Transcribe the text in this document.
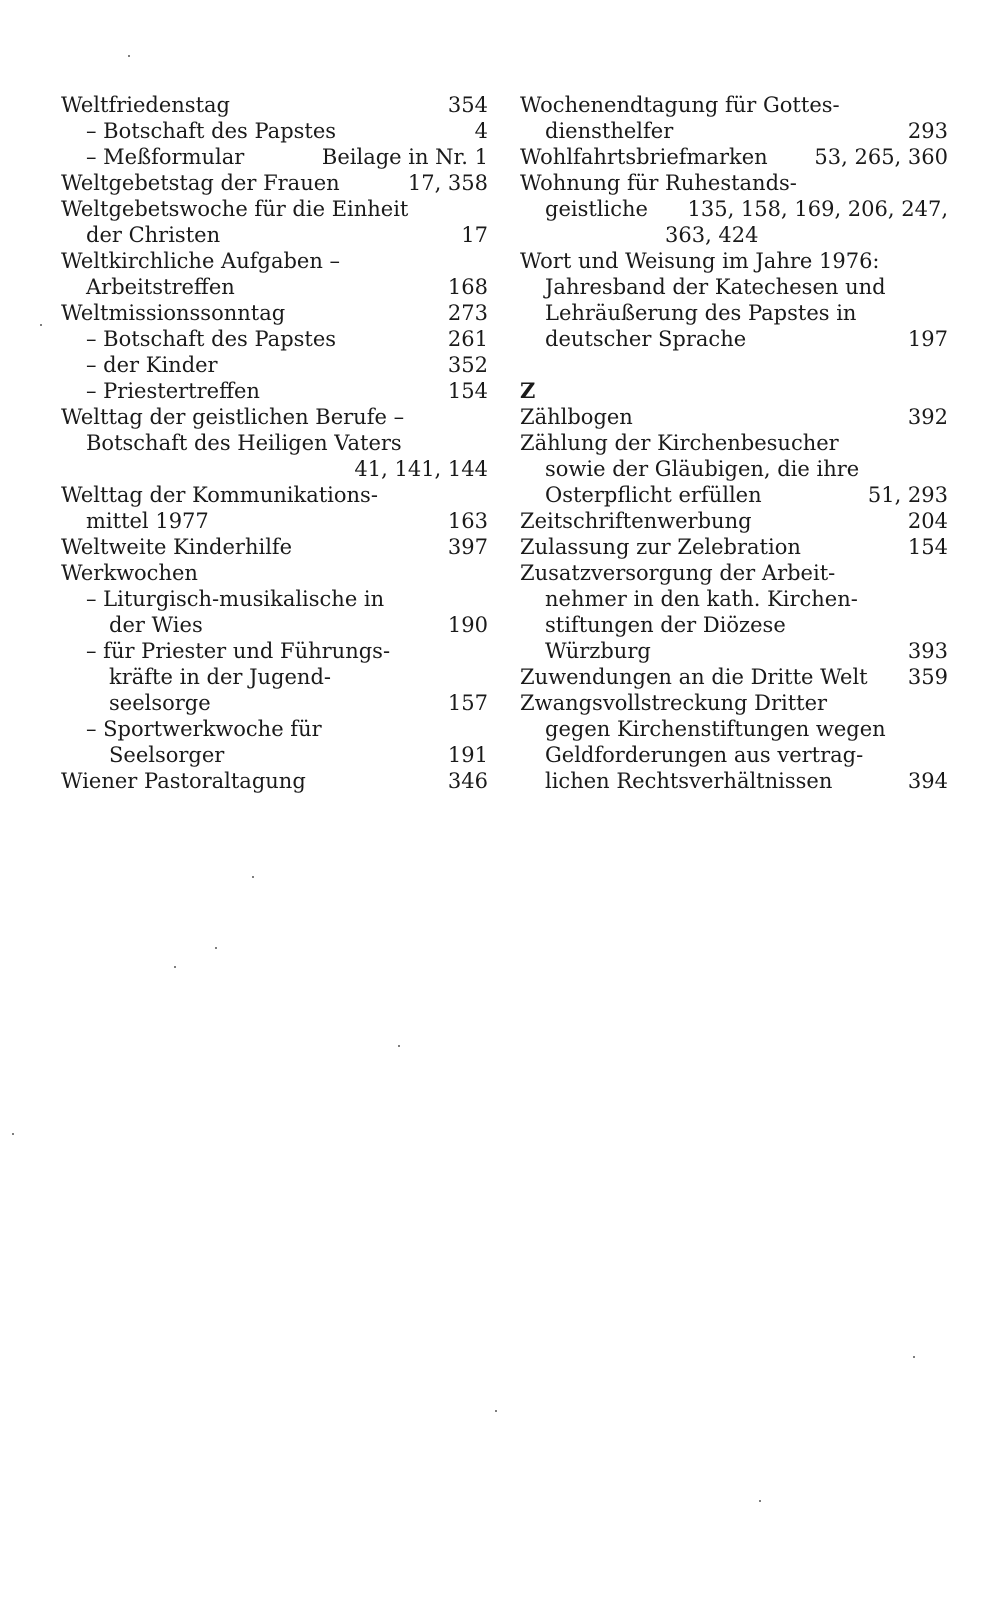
Weltfriedenstag	354
– Botschaft des Papstes	4
– Meßformular	Beilage in Nr. 1
Weltgebetstag der Frauen	17, 358
Weltgebetswoche für die Einheit
der Christen	17
Weltkirchliche Aufgaben –
Arbeitstreffen	168
Weltmissionssonntag	273
– Botschaft des Papstes	261
– der Kinder	352
– Priestertreffen	154
Welttag der geistlichen Berufe –
Botschaft des Heiligen Vaters
41, 141, 144
Welttag der Kommunikations-
mittel 1977	163
Weltweite Kinderhilfe	397
Werkwochen
– Liturgisch-musikalische in
der Wies	190
– für Priester und Führungs-
kräfte in der Jugend-
seelsorge	157
– Sportwerkwoche für
Seelsorger	191
Wiener Pastoraltagung	346
Wochenendtagung für Gottes-
diensthelfer	293
Wohlfahrtsbriefmarken 53, 265, 360
Wohnung für Ruhestands-
geistliche 135, 158, 169, 206, 247,
363, 424
Wort und Weisung im Jahre 1976:
Jahresband der Katechesen und
Lehräußerung des Papstes in
deutscher Sprache	197
Z
Zählbogen	392
Zählung der Kirchenbesucher
sowie der Gläubigen, die ihre
Osterpflicht erfüllen	51, 293
Zeitschriftenwerbung	204
Zulassung zur Zelebration	154
Zusatzversorgung der Arbeit-
nehmer in den kath. Kirchen-
stiftungen der Diözese
Würzburg	393
Zuwendungen an die Dritte Welt 359
Zwangsvollstreckung Dritter
gegen Kirchenstiftungen wegen
Geldforderungen aus vertrag-
lichen Rechtsverhältnissen	394
